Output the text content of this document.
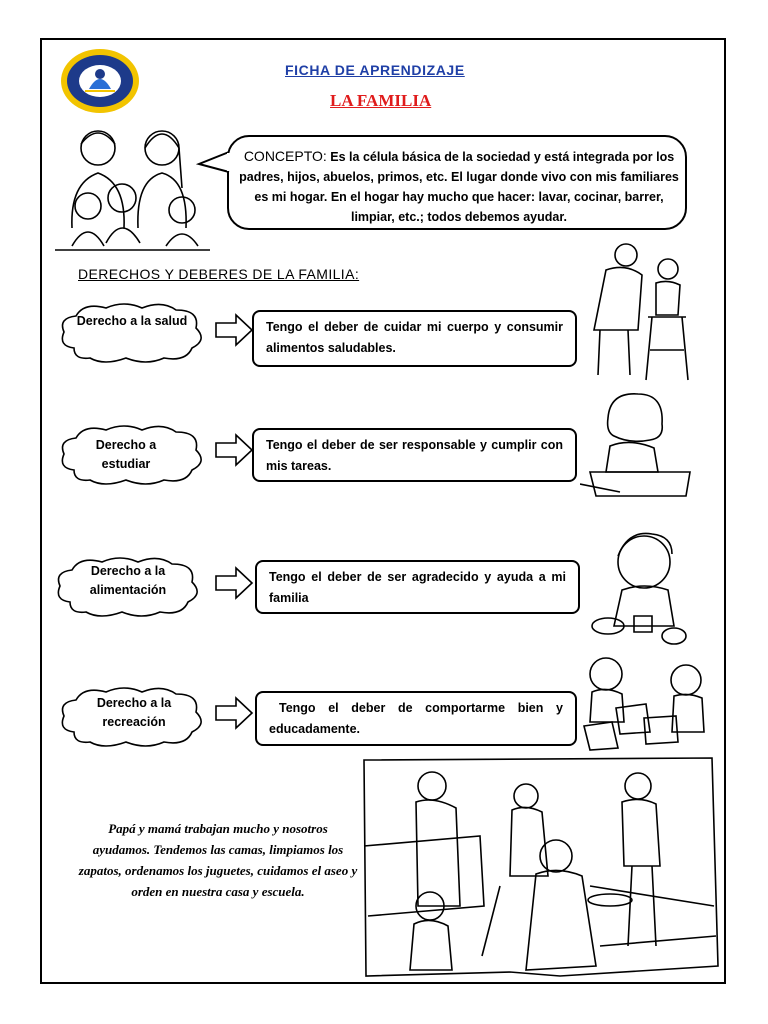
FICHA DE APRENDIZAJE
LA FAMILIA
CONCEPTO: Es la célula básica de la sociedad y está integrada por los padres, hijos, abuelos, primos, etc. El lugar donde vivo con mis familiares es mi hogar. En el hogar hay mucho que hacer: lavar, cocinar, barrer, limpiar, etc.; todos debemos ayudar.
DERECHOS Y DEBERES DE LA FAMILIA:
Derecho a la salud	Tengo el deber de cuidar mi cuerpo y consumir alimentos saludables.
Derecho a estudiar
Tengo el deber de ser responsable y cumplir con mis tareas.
Derecho a la alimentación
Tengo el deber de ser agradecido y ayuda a mi familia
Derecho a la recreación
Tengo el deber de comportarme bien y educadamente.
Papá y mamá trabajan mucho y nosotros ayudamos. Tendemos las camas, limpiamos los zapatos, ordenamos los juguetes, cuidamos el aseo y orden en nuestra casa y escuela.
